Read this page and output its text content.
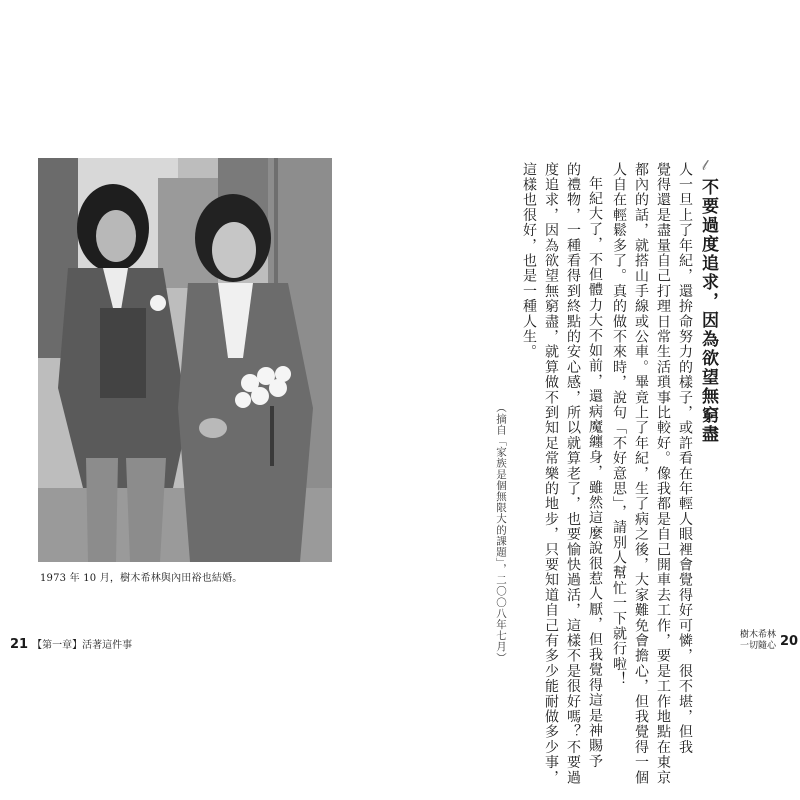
1973 年 10 月，樹木希林與內田裕也結婚。
𝓁
不要過度追求，因為欲望無窮盡
人一旦上了年紀，還拚命努力的樣子，或許看在年輕人眼裡會覺得好可憐，很不堪，但我
覺得還是盡量自己打理日常生活瑣事比較好。像我都是自己開車去工作，要是工作地點在東京
都內的話，就搭山手線或公車。畢竟上了年紀，生了病之後，大家難免會擔心，但我覺得一個
人自在輕鬆多了。真的做不來時，說句「不好意思」，請別人幫忙一下就行啦！
年紀大了，不但體力大不如前，還病魔纏身，雖然這麼說很惹人厭，但我覺得這是神賜予
的禮物，一種看得到終點的安心感，所以就算老了，也要愉快過活，這樣不是很好嗎？不要過
度追求，因為欲望無窮盡，就算做不到知足常樂的地步，只要知道自己有多少能耐做多少事，
這樣也很好，也是一種人生。
（摘自「家族是個無限大的課題」，二〇〇八年七月）
21 【第一章】活著這件事
樹木希林
一切隨心 20
